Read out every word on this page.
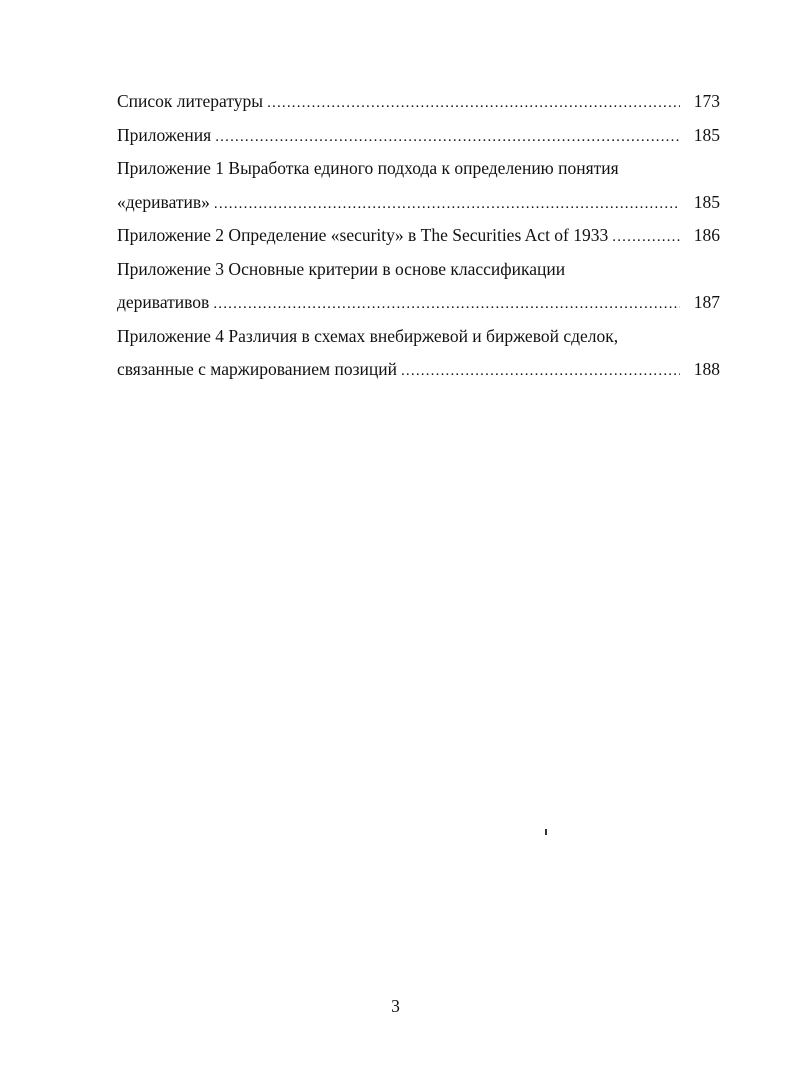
Список литературы .....	173
Приложения .....	185
Приложение 1 Выработка единого подхода к определению понятия
«дериватив» .....	185
Приложение 2 Определение «security» в The Securities Act of 1933 .....	186
Приложение 3 Основные критерии в основе классификации
деривативов .....	187
Приложение 4 Различия в схемах внебиржевой и биржевой сделок,
связанные с маржированием позиций .....	188
3
